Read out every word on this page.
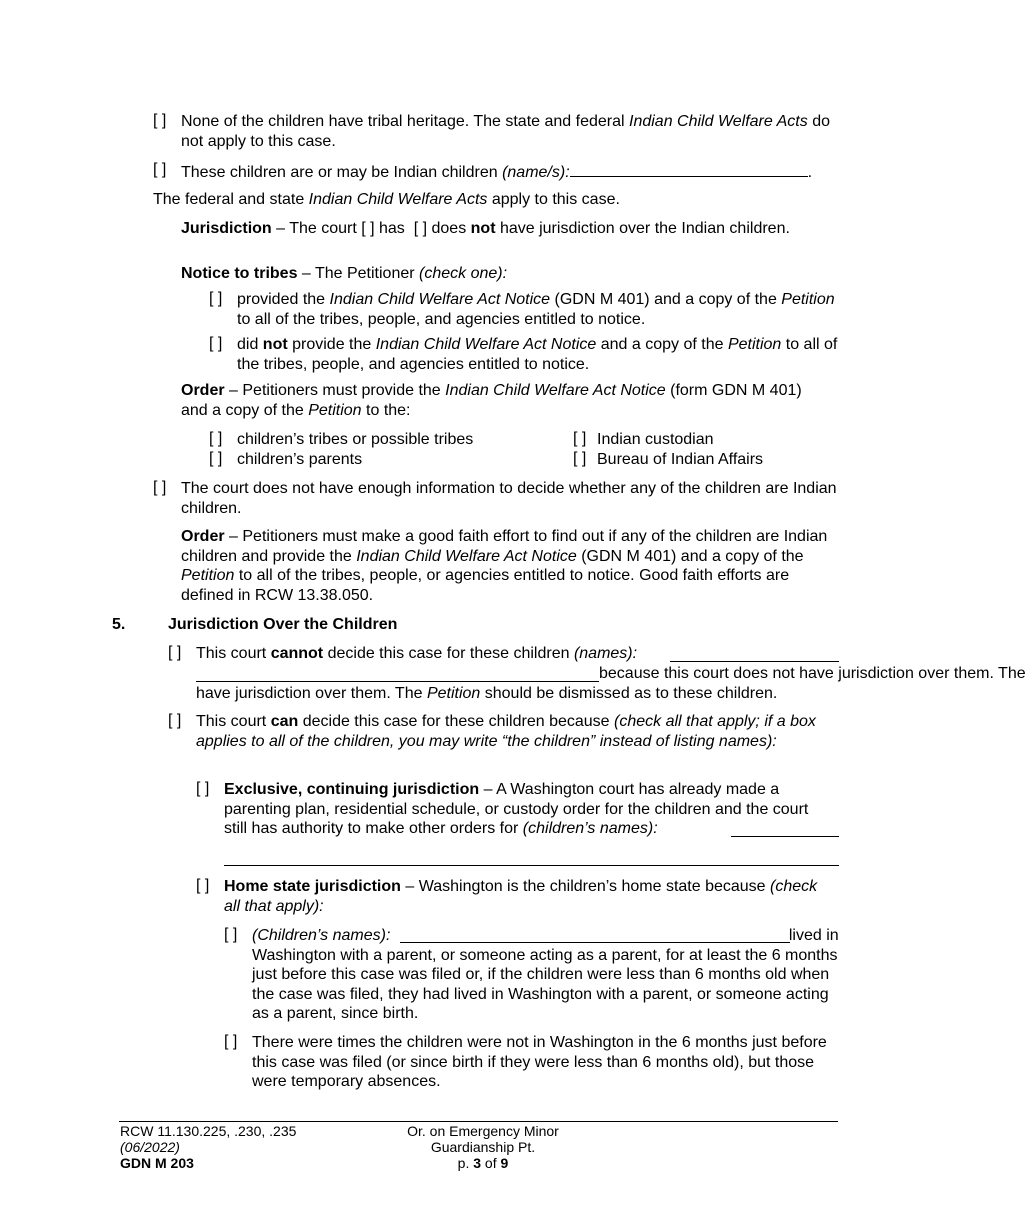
[ ] None of the children have tribal heritage. The state and federal Indian Child Welfare Acts do not apply to this case.
[ ] These children are or may be Indian children (name/s):	.
The federal and state Indian Child Welfare Acts apply to this case.
Jurisdiction – The court [ ] has  [ ] does not have jurisdiction over the Indian children.
Notice to tribes – The Petitioner (check one):
[ ] provided the Indian Child Welfare Act Notice (GDN M 401) and a copy of the Petition to all of the tribes, people, and agencies entitled to notice.
[ ] did not provide the Indian Child Welfare Act Notice and a copy of the Petition to all of the tribes, people, and agencies entitled to notice.
Order – Petitioners must provide the Indian Child Welfare Act Notice (form GDN M 401) and a copy of the Petition to the:
[ ] children’s tribes or possible tribes
[ ] children’s parents
[ ] Indian custodian
[ ] Bureau of Indian Affairs
[ ] The court does not have enough information to decide whether any of the children are Indian children.
Order – Petitioners must make a good faith effort to find out if any of the children are Indian children and provide the Indian Child Welfare Act Notice (GDN M 401) and a copy of the Petition to all of the tribes, people, or agencies entitled to notice. Good faith efforts are defined in RCW 13.38.050.
5.	Jurisdiction Over the Children
[ ] This court cannot decide this case for these children (names):
because this court does not have jurisdiction over them. The
have jurisdiction over them. The Petition should be dismissed as to these children.
[ ] This court can decide this case for these children because (check all that apply; if a box applies to all of the children, you may write “the children” instead of listing names):
[ ] Exclusive, continuing jurisdiction – A Washington court has already made a parenting plan, residential schedule, or custody order for the children and the court still has authority to make other orders for (children’s names):
[ ] Home state jurisdiction – Washington is the children’s home state because (check all that apply):
[ ] (Children’s names):	lived in Washington with a parent, or someone acting as a parent, for at least the 6 months just before this case was filed or, if the children were less than 6 months old when the case was filed, they had lived in Washington with a parent, or someone acting as a parent, since birth.
[ ] There were times the children were not in Washington in the 6 months just before this case was filed (or since birth if they were less than 6 months old), but those were temporary absences.
RCW 11.130.225, .230, .235
(06/2022)
GDN M 203
Or. on Emergency Minor
Guardianship Pt.
p. 3 of 9
